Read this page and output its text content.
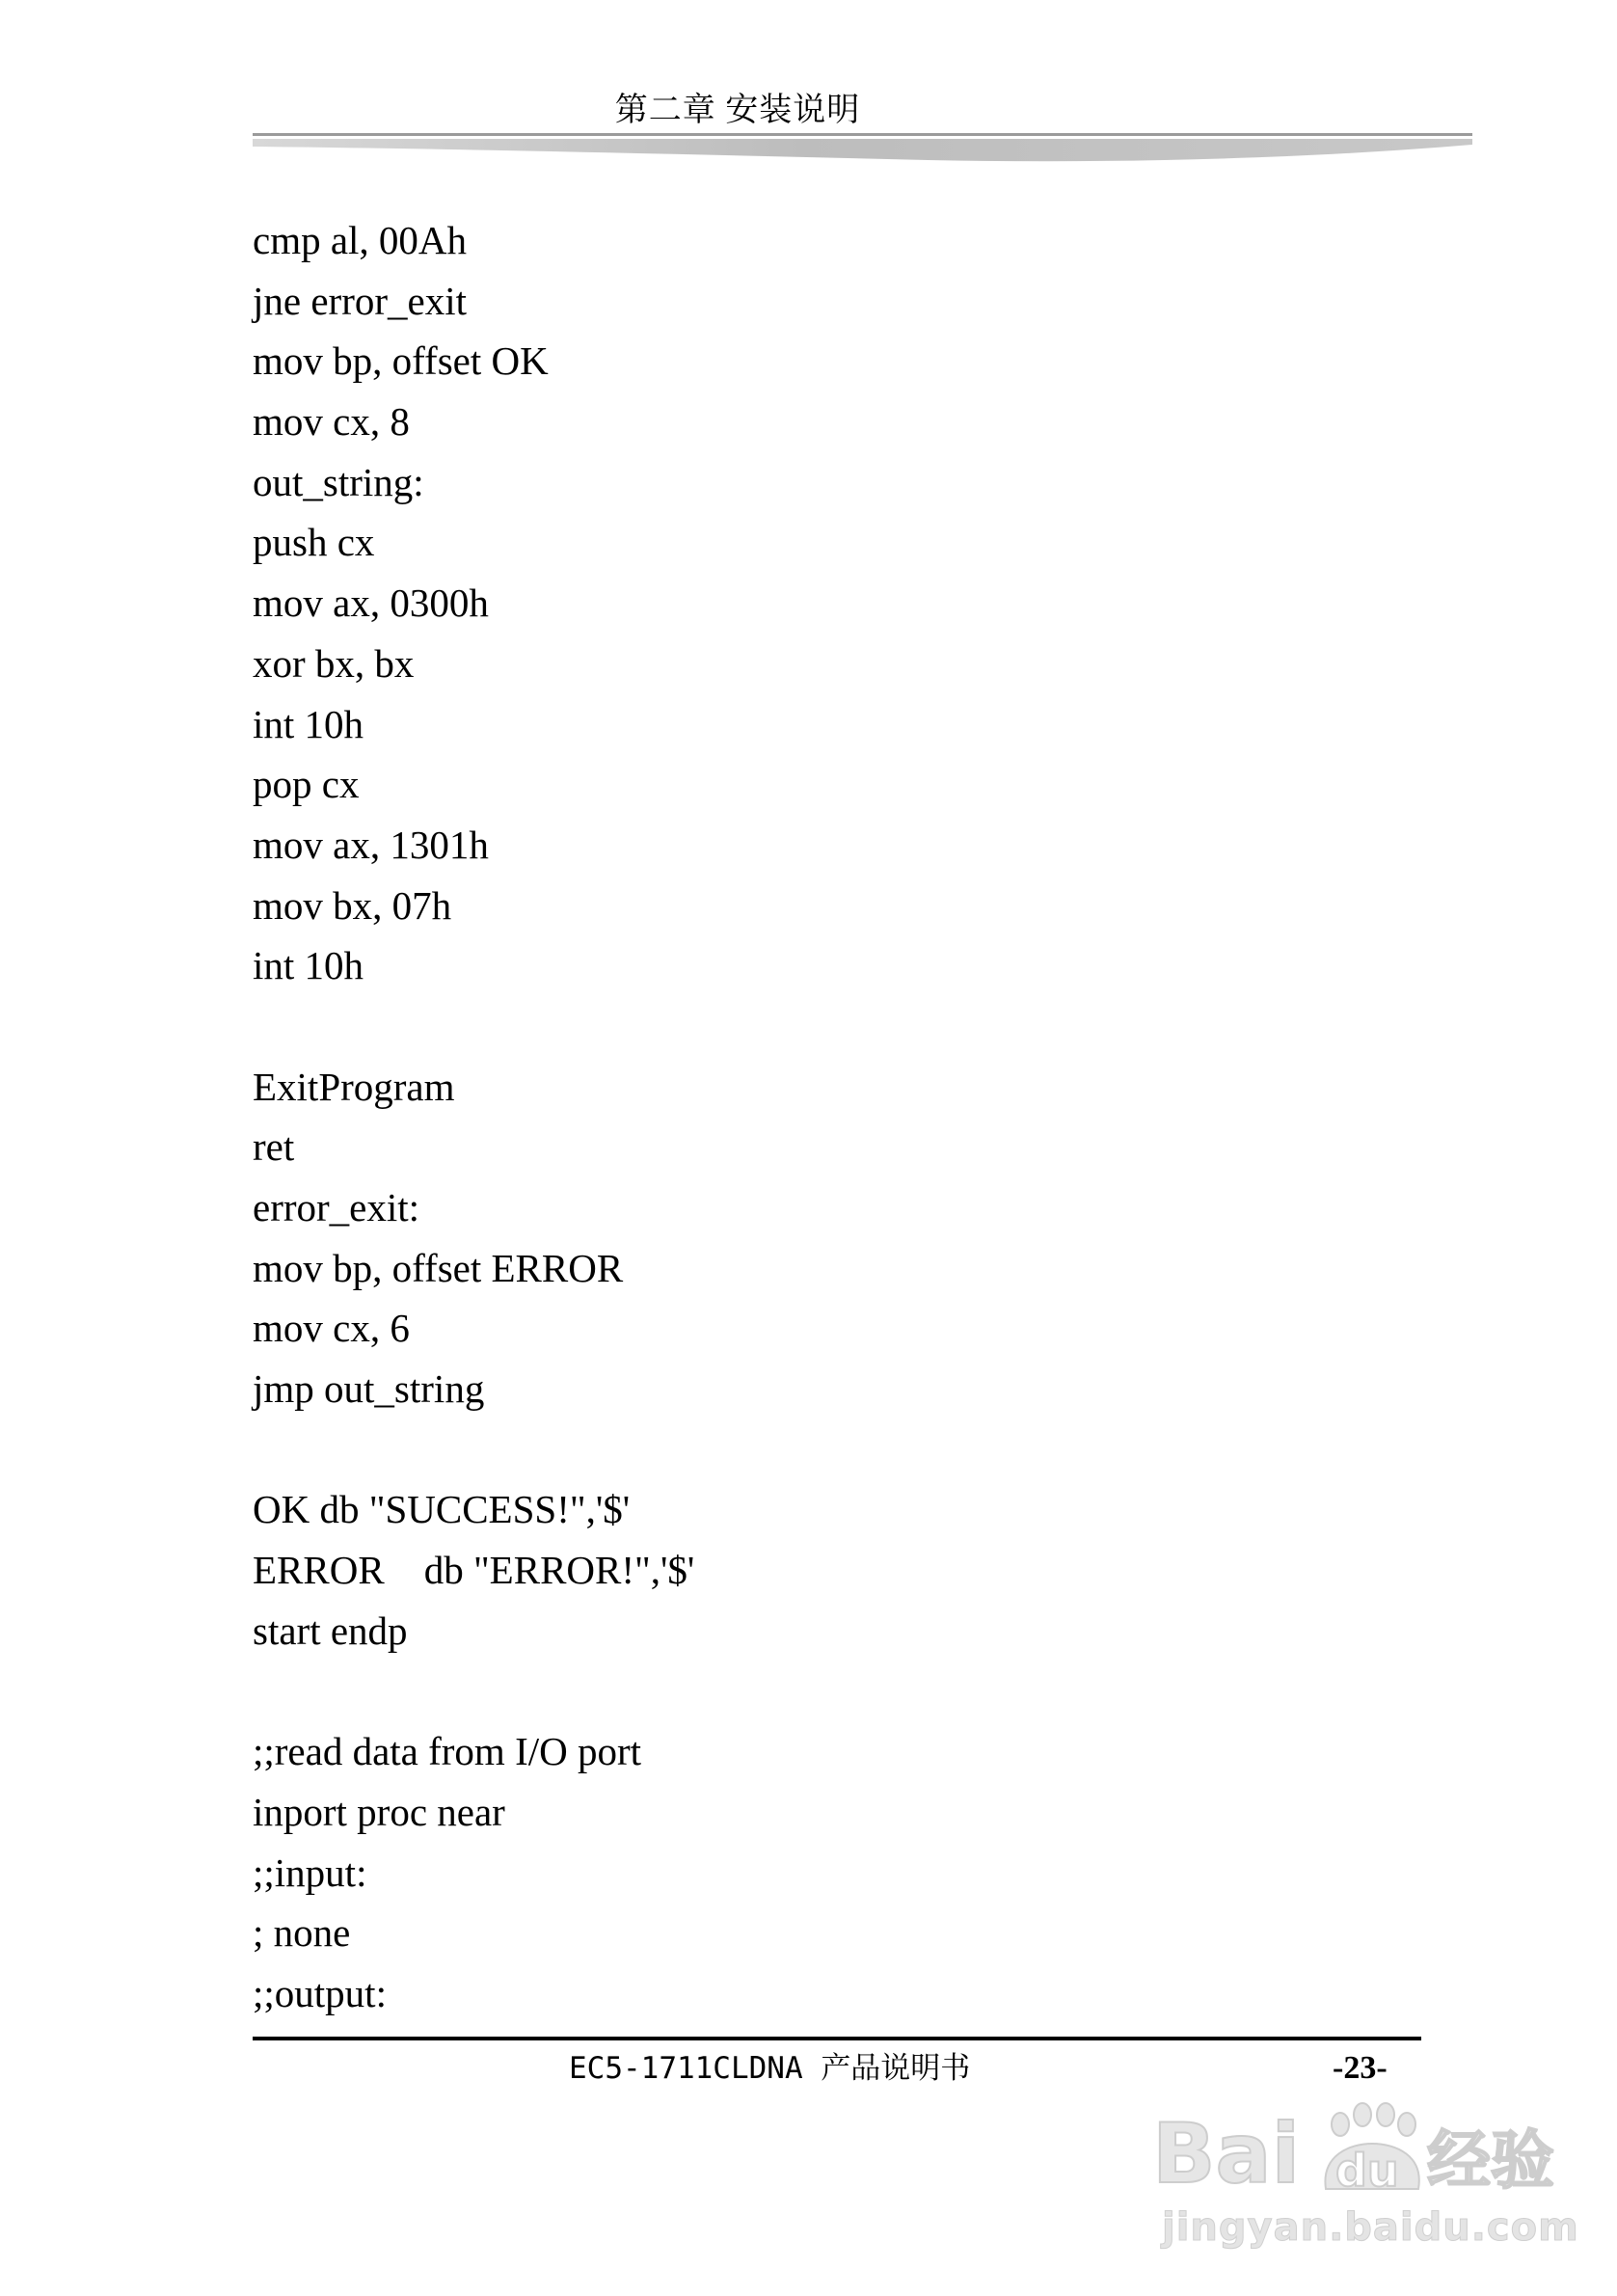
第二章 安装说明
cmp al, 00Ah
jne error_exit
mov bp, offset OK
mov cx, 8
out_string:
push cx
mov ax, 0300h
xor bx, bx
int 10h
pop cx
mov ax, 1301h
mov bx, 07h
int 10h
ExitProgram
ret
error_exit:
mov bp, offset ERROR
mov cx, 6
jmp out_string
OK db "SUCCESS!",'$'
ERROR    db "ERROR!",'$'
start endp
;;read data from I/O port
inport proc near
;;input:
; none
;;output:
EC5-1711CLDNA 产品说明书	-23-
Bai du 经验
jingyan.baidu.com
